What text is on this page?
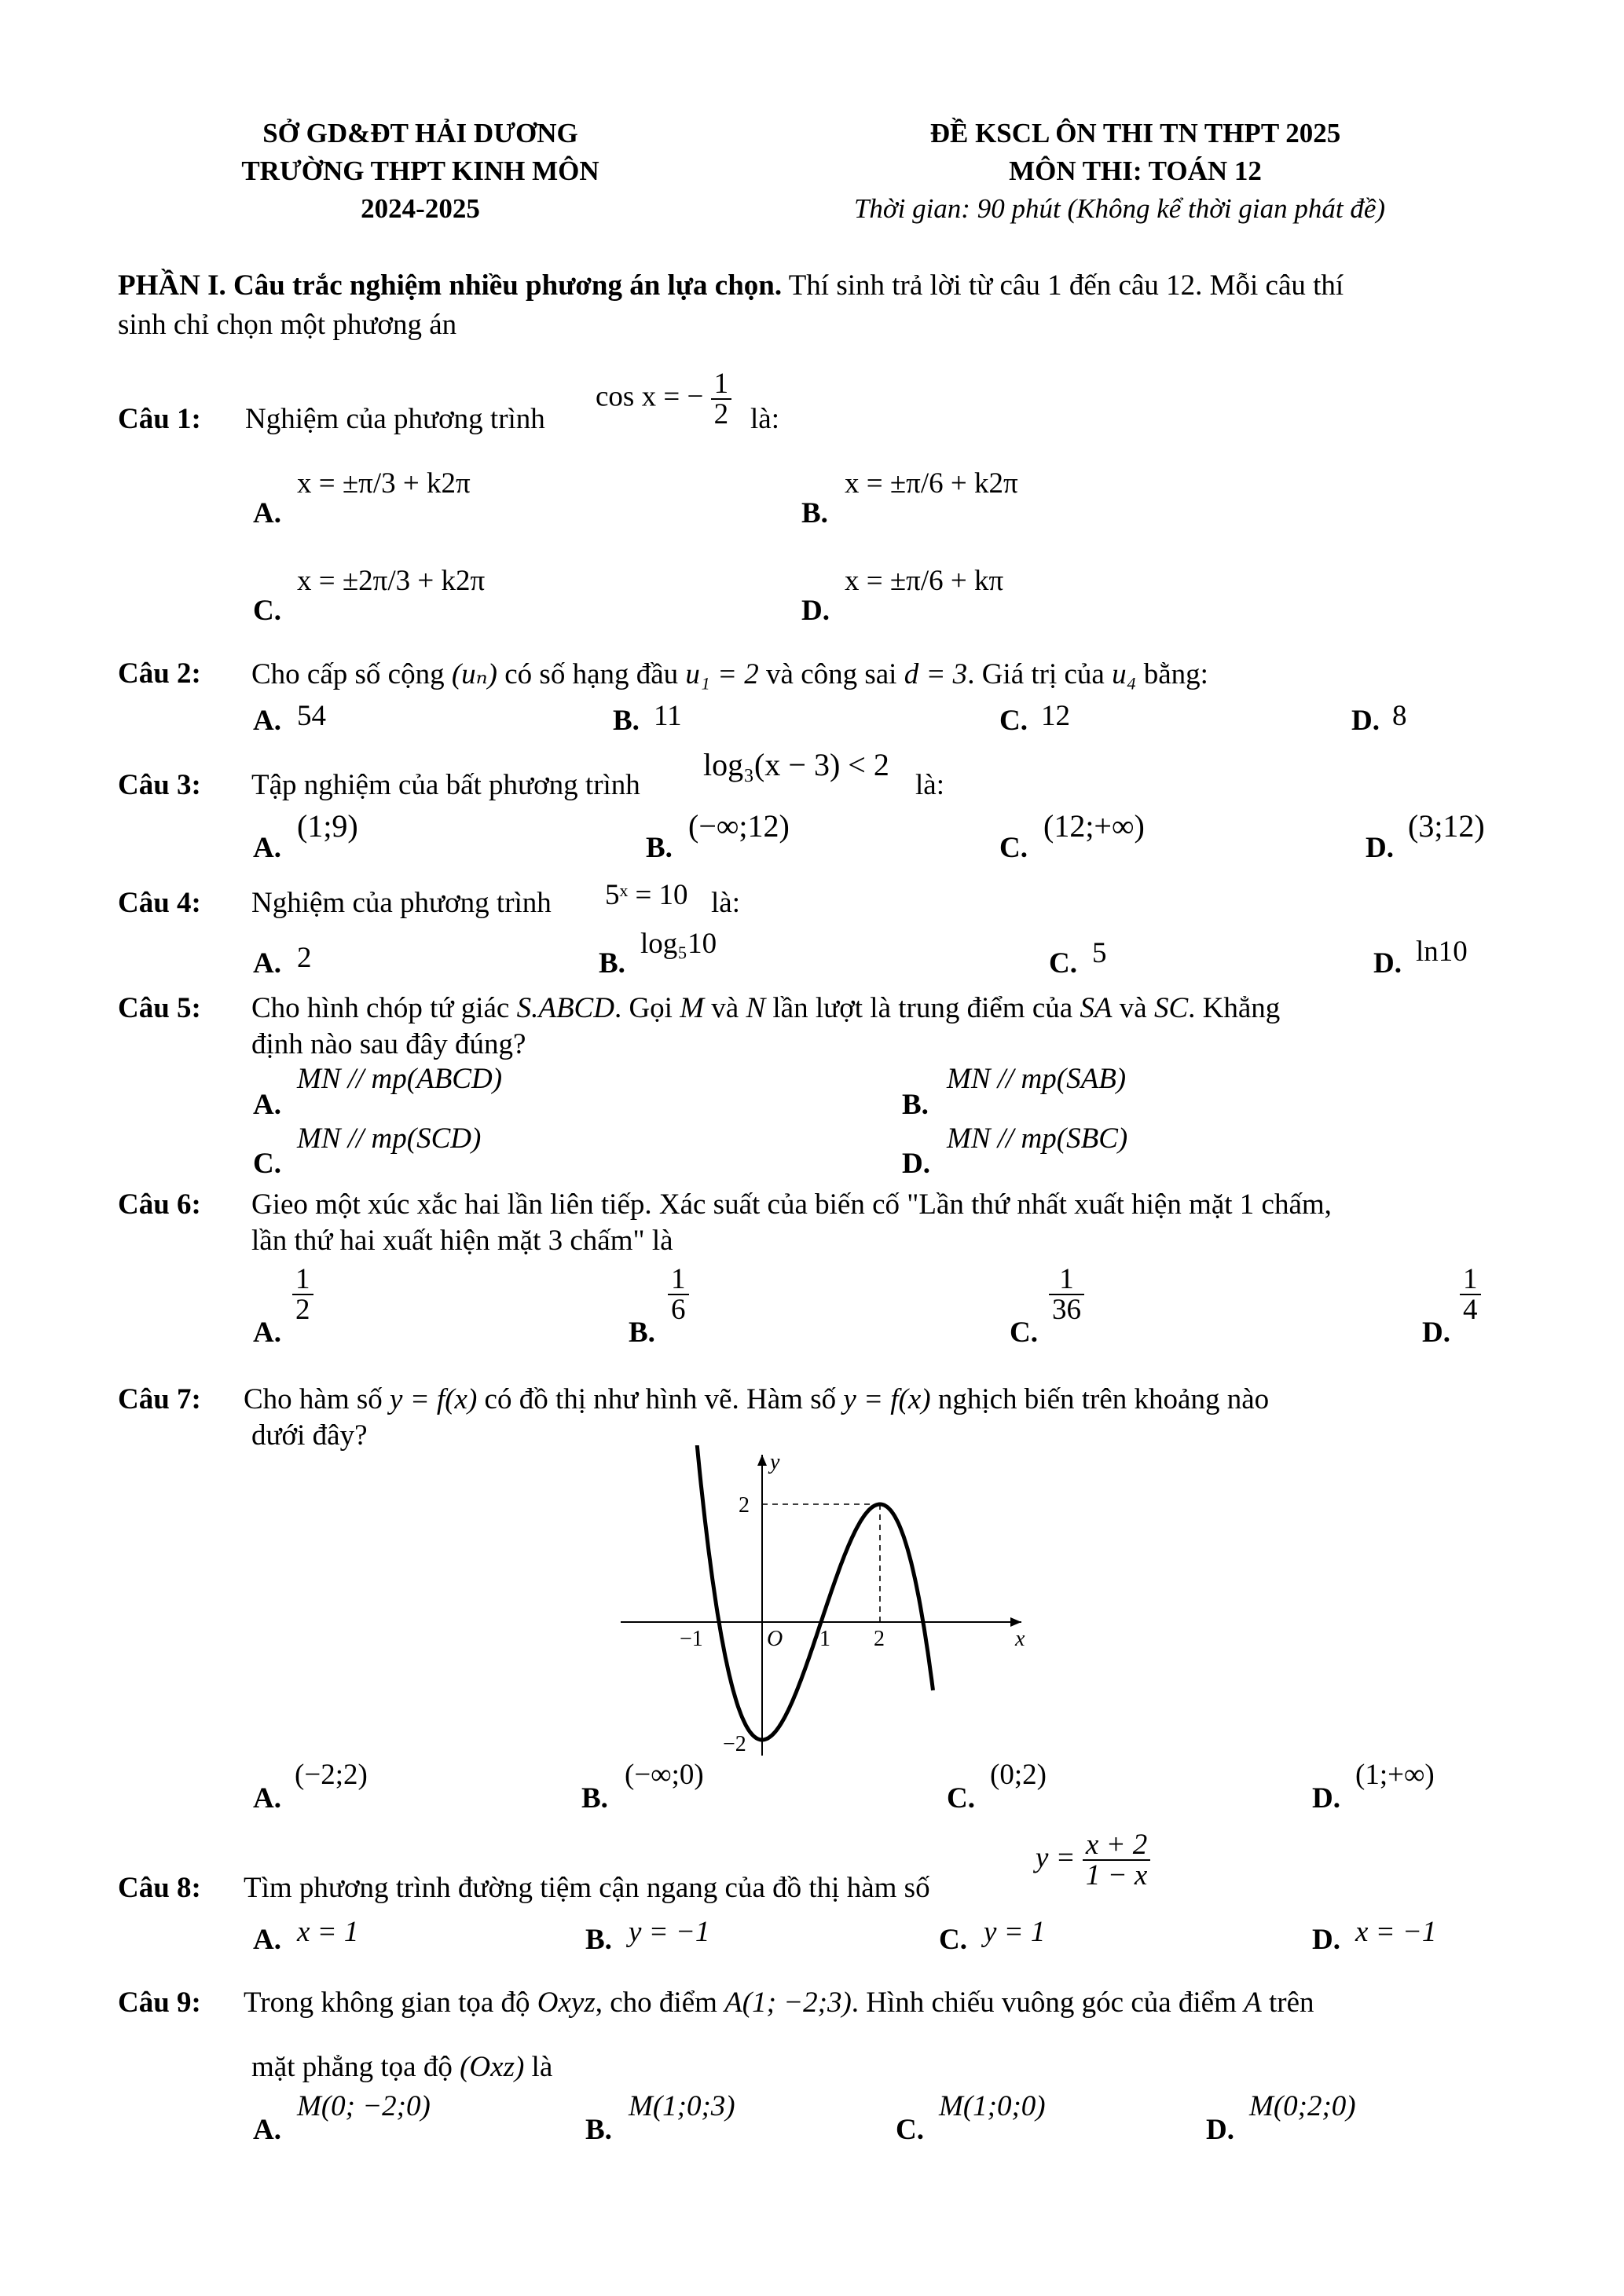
SỞ GD&ĐT HẢI DƯƠNG
TRƯỜNG THPT KINH MÔN
2024-2025
ĐỀ KSCL ÔN THI TN THPT 2025
MÔN THI: TOÁN 12
Thời gian: 90 phút (Không kể thời gian phát đề)
PHẦN I. Câu trắc nghiệm nhiều phương án lựa chọn. Thí sinh trả lời từ câu 1 đến câu 12. Mỗi câu thí
sinh chỉ chọn một phương án
Câu 1: Nghiệm của phương trình
cos x = − $\frac{1}{2}$ là:
A.
x = ±π/3 + k2π
B.
x = ±π/6 + k2π
C.
x = ±2π/3 + k2π
D.
x = ±π/6 + kπ
Câu 2: Cho cấp số cộng (uₙ) có số hạng đầu u₁ = 2 và công sai d = 3. Giá trị của u₄ bằng:
A. 54	B. 11	C. 12	D. 8
Câu 3: Tập nghiệm của bất phương trình
log₃(x − 3) < 2
là:
A.
(1;9)
B.
(−∞;12)
C.
(12;+∞)
D.
(3;12)
Câu 4: Nghiệm của phương trình 5ˣ = 10 là:
A. 2	B.
log₅10
C. 5	D. ln10
Câu 5: Cho hình chóp tứ giác S.ABCD. Gọi M và N lần lượt là trung điểm của SA và SC. Khẳng
định nào sau đây đúng?
A.
MN // mp(ABCD)
B.
MN // mp(SAB)
C.
MN // mp(SCD)
D.
MN // mp(SBC)
Câu 6: Gieo một xúc xắc hai lần liên tiếp. Xác suất của biến cố "Lần thứ nhất xuất hiện mặt 1 chấm,
lần thứ hai xuất hiện mặt 3 chấm" là
A.
$\frac{1}{2}$
B.
$\frac{1}{6}$
C.
$\frac{1}{36}$
D.
$\frac{1}{4}$
Câu 7: Cho hàm số y = f(x) có đồ thị như hình vẽ. Hàm số y = f(x) nghịch biến trên khoảng nào
dưới đây?
−1	O 1 2
2
−2
x
y
A.
(−2;2)
B.
(−∞;0)
C.
(0;2)
D.
(1;+∞)
Câu 8: Tìm phương trình đường tiệm cận ngang của đồ thị hàm số
$y = \frac{x + 2}{1 - x}$
A. x = 1	B. y = −1	C. y = 1	D. x = −1
Câu 9: Trong không gian tọa độ Oxyz, cho điểm A(1; −2;3). Hình chiếu vuông góc của điểm A trên
mặt phẳng tọa độ (Oxz) là
A.
M(0; −2;0)
B.
M(1;0;3)
C.
M(1;0;0)
D.
M(0;2;0)
